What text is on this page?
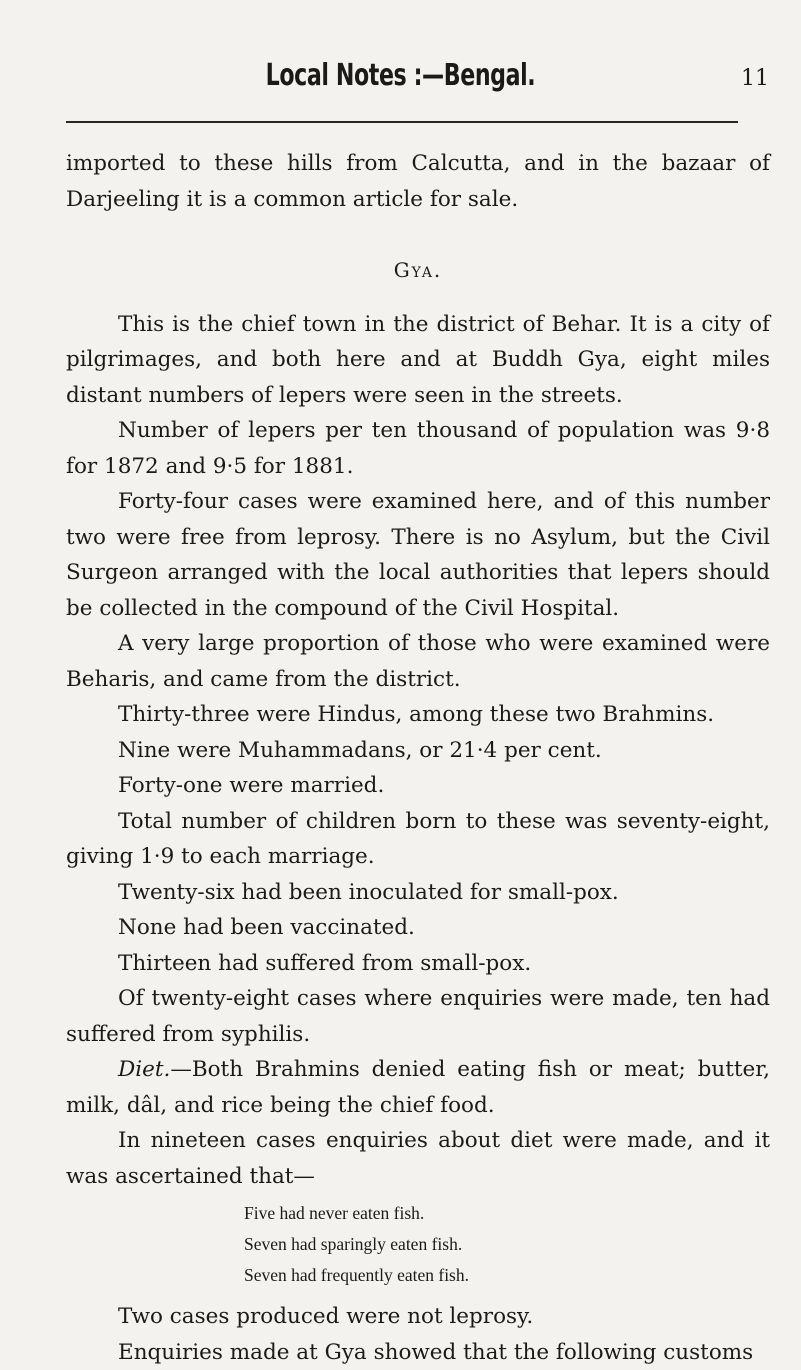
Local Notes :—Bengal.	11

imported to these hills from Calcutta, and in the bazaar of Darjeeling it is a common article for sale.

Gya.

This is the chief town in the district of Behar. It is a city of pilgrimages, and both here and at Buddh Gya, eight miles distant numbers of lepers were seen in the streets.

Number of lepers per ten thousand of population was 9·8 for 1872 and 9·5 for 1881.

Forty-four cases were examined here, and of this number two were free from leprosy. There is no Asylum, but the Civil Surgeon arranged with the local authorities that lepers should be collected in the compound of the Civil Hospital.

A very large proportion of those who were examined were Beharis, and came from the district.

Thirty-three were Hindus, among these two Brahmins.

Nine were Muhammadans, or 21·4 per cent.

Forty-one were married.

Total number of children born to these was seventy-eight, giving 1·9 to each marriage.

Twenty-six had been inoculated for small-pox.

None had been vaccinated.

Thirteen had suffered from small-pox.

Of twenty-eight cases where enquiries were made, ten had suffered from syphilis.

Diet.—Both Brahmins denied eating fish or meat; butter, milk, dâl, and rice being the chief food.

In nineteen cases enquiries about diet were made, and it was ascertained that—

Five had never eaten fish.
Seven had sparingly eaten fish.
Seven had frequently eaten fish.

Two cases produced were not leprosy.

Enquiries made at Gya showed that the following customs
